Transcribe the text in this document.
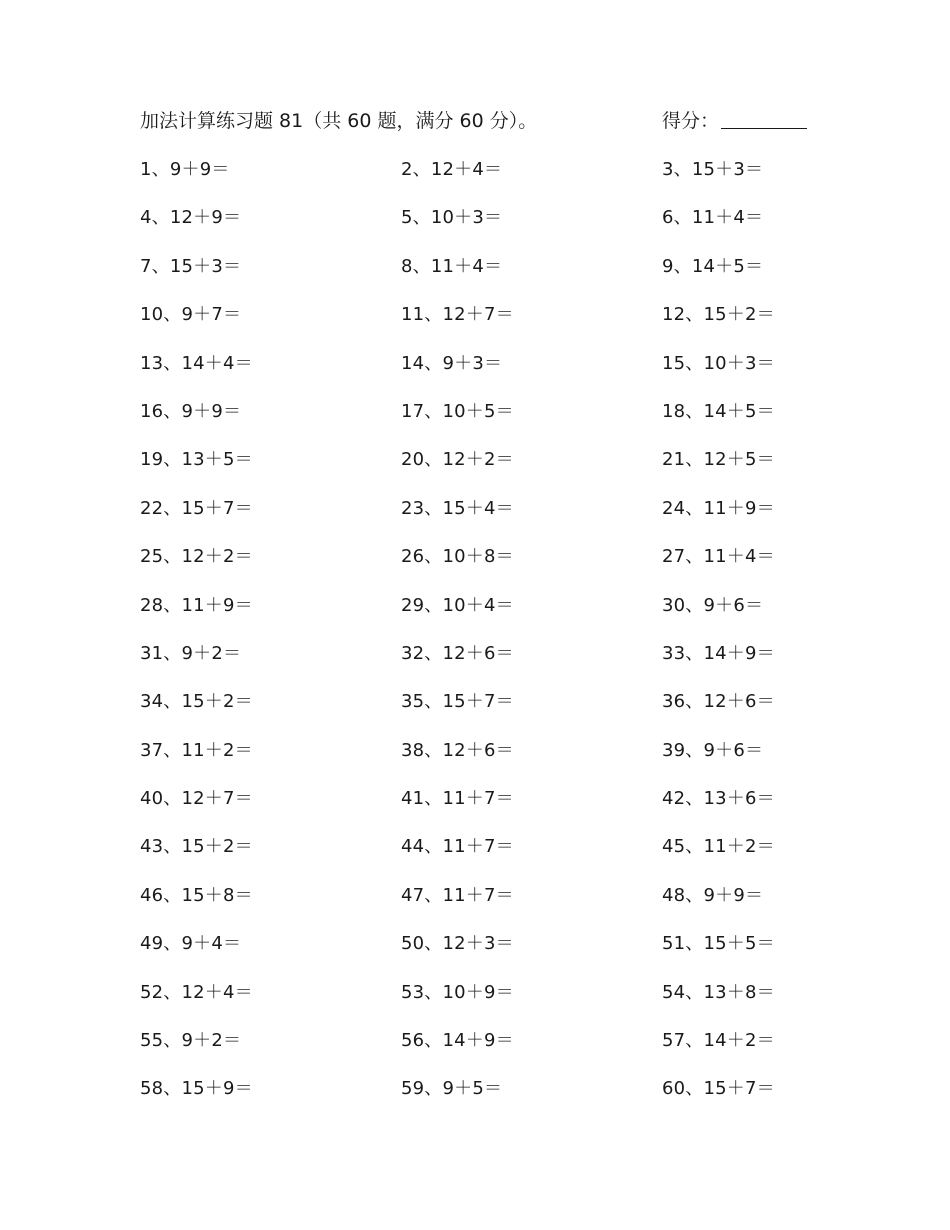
加法计算练习题 81（共 60 题，满分 60 分）。	得分：
1、9＋9＝	2、12＋4＝	3、15＋3＝
4、12＋9＝	5、10＋3＝	6、11＋4＝
7、15＋3＝	8、11＋4＝	9、14＋5＝
10、9＋7＝	11、12＋7＝	12、15＋2＝
13、14＋4＝	14、9＋3＝	15、10＋3＝
16、9＋9＝	17、10＋5＝	18、14＋5＝
19、13＋5＝	20、12＋2＝	21、12＋5＝
22、15＋7＝	23、15＋4＝	24、11＋9＝
25、12＋2＝	26、10＋8＝	27、11＋4＝
28、11＋9＝	29、10＋4＝	30、9＋6＝
31、9＋2＝	32、12＋6＝	33、14＋9＝
34、15＋2＝	35、15＋7＝	36、12＋6＝
37、11＋2＝	38、12＋6＝	39、9＋6＝
40、12＋7＝	41、11＋7＝	42、13＋6＝
43、15＋2＝	44、11＋7＝	45、11＋2＝
46、15＋8＝	47、11＋7＝	48、9＋9＝
49、9＋4＝	50、12＋3＝	51、15＋5＝
52、12＋4＝	53、10＋9＝	54、13＋8＝
55、9＋2＝	56、14＋9＝	57、14＋2＝
58、15＋9＝	59、9＋5＝	60、15＋7＝
